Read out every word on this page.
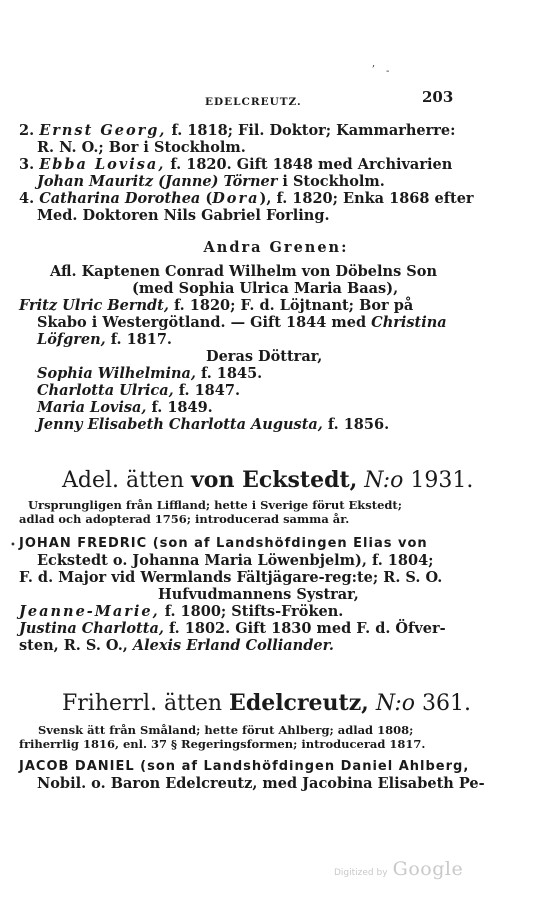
,
-
EDELCREUTZ.	203
2. Ernst Georg, f. 1818; Fil. Doktor; Kammarherre:
R. N. O.; Bor i Stockholm.
3. Ebba Lovisa, f. 1820. Gift 1848 med Archivarien
Johan Mauritz (Janne) Törner i Stockholm.
4. Catharina Dorothea (Dora), f. 1820; Enka 1868 efter
Med. Doktoren Nils Gabriel Forling.
Andra Grenen:
Afl. Kaptenen Conrad Wilhelm von Döbelns Son
(med Sophia Ulrica Maria Baas),
Fritz Ulric Berndt, f. 1820; F. d. Löjtnant; Bor på
Skabo i Westergötland. — Gift 1844 med Christina
Löfgren, f. 1817.
Deras Döttrar,
Sophia Wilhelmina, f. 1845.
Charlotta Ulrica, f. 1847.
Maria Lovisa, f. 1849.
Jenny Elisabeth Charlotta Augusta, f. 1856.
Adel. ätten von Eckstedt, N:o 1931.
Ursprungligen från Liffland; hette i Sverige förut Ekstedt;
adlad och adopterad 1756; introducerad samma år.
• JOHAN FREDRIC (son af Landshöfdingen Elias von
Eckstedt o. Johanna Maria Löwenbjelm), f. 1804;
F. d. Major vid Wermlands Fältjägare-reg:te; R. S. O.
Hufvudmannens Systrar,
Jeanne-Marie, f. 1800; Stifts-Fröken.
Justina Charlotta, f. 1802. Gift 1830 med F. d. Öfver-
sten, R. S. O., Alexis Erland Colliander.
Friherrl. ätten Edelcreutz, N:o 361.
Svensk ätt från Småland; hette förut Ahlberg; adlad 1808;
friherrlig 1816, enl. 37 § Regeringsformen; introducerad 1817.
JACOB DANIEL (son af Landshöfdingen Daniel Ahlberg,
Nobil. o. Baron Edelcreutz, med Jacobina Elisabeth Pe-
Digitized by Google
